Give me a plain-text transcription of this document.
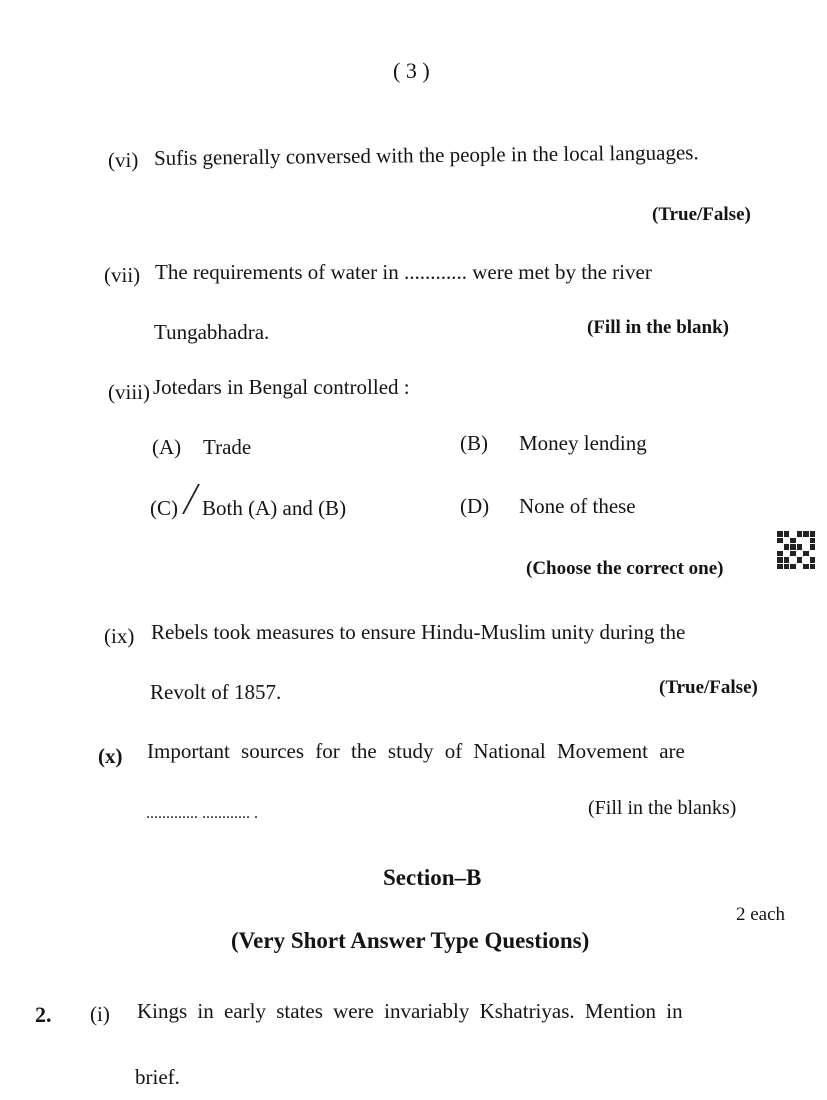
( 3 )
(vi) Sufis generally conversed with the people in the local languages.
(True/False)
(vii) The requirements of water in ............ were met by the river
Tungabhadra.	(Fill in the blank)
(viii) Jotedars in Bengal controlled :
(A) Trade	(B) Money lending
(C) Both (A) and (B)	(D) None of these
(Choose the correct one)
(ix) Rebels took measures to ensure Hindu-Muslim unity during the
Revolt of 1857.	(True/False)
(x) Important sources for the study of National Movement are
............. ............ .	(Fill in the blanks)
Section–B
2 each
(Very Short Answer Type Questions)
2. (i) Kings in early states were invariably Kshatriyas. Mention in
brief.
